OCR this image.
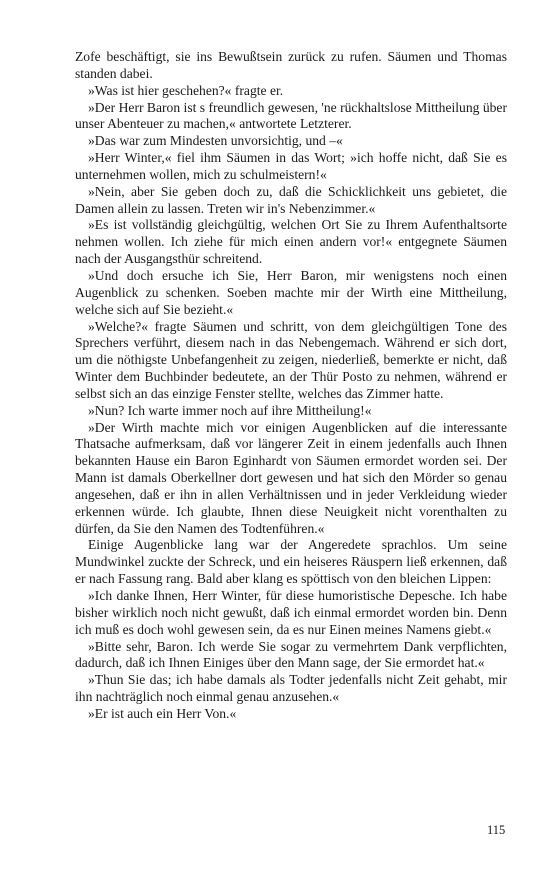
Zofe beschäftigt, sie ins Bewußtsein zurück zu rufen. Säumen und Thomas standen dabei.

»Was ist hier geschehen?« fragte er.

»Der Herr Baron ist s freundlich gewesen, 'ne rückhaltslose Mittheilung über unser Abenteuer zu machen,« antwortete Letzterer.

»Das war zum Mindesten unvorsichtig, und –«

»Herr Winter,« fiel ihm Säumen in das Wort; »ich hoffe nicht, daß Sie es unternehmen wollen, mich zu schulmeistern!«

»Nein, aber Sie geben doch zu, daß die Schicklichkeit uns gebietet, die Damen allein zu lassen. Treten wir in's Nebenzimmer.«

»Es ist vollständig gleichgültig, welchen Ort Sie zu Ihrem Aufenthaltsorte nehmen wollen. Ich ziehe für mich einen andern vor!« entgegnete Säumen nach der Ausgangsthür schreitend.

»Und doch ersuche ich Sie, Herr Baron, mir wenigstens noch einen Augenblick zu schenken. Soeben machte mir der Wirth eine Mittheilung, welche sich auf Sie bezieht.«

»Welche?« fragte Säumen und schritt, von dem gleichgültigen Tone des Sprechers verführt, diesem nach in das Nebengemach. Während er sich dort, um die nöthigste Unbefangenheit zu zeigen, niederließ, bemerkte er nicht, daß Winter dem Buchbinder bedeutete, an der Thür Posto zu nehmen, während er selbst sich an das einzige Fenster stellte, welches das Zimmer hatte.

»Nun? Ich warte immer noch auf ihre Mittheilung!«

»Der Wirth machte mich vor einigen Augenblicken auf die interessante Thatsache aufmerksam, daß vor längerer Zeit in einem jedenfalls auch Ihnen bekannten Hause ein Baron Eginhardt von Säumen ermordet worden sei. Der Mann ist damals Oberkellner dort gewesen und hat sich den Mörder so genau angesehen, daß er ihn in allen Verhältnissen und in jeder Verkleidung wieder erkennen würde. Ich glaubte, Ihnen diese Neuigkeit nicht vorenthalten zu dürfen, da Sie den Namen des Todtenführen.«

Einige Augenblicke lang war der Angeredete sprachlos. Um seine Mundwinkel zuckte der Schreck, und ein heiseres Räuspern ließ erkennen, daß er nach Fassung rang. Bald aber klang es spöttisch von den bleichen Lippen:

»Ich danke Ihnen, Herr Winter, für diese humoristische Depesche. Ich habe bisher wirklich noch nicht gewußt, daß ich einmal ermordet worden bin. Denn ich muß es doch wohl gewesen sein, da es nur Einen meines Namens giebt.«

»Bitte sehr, Baron. Ich werde Sie sogar zu vermehrtem Dank verpflichten, dadurch, daß ich Ihnen Einiges über den Mann sage, der Sie ermordet hat.«

»Thun Sie das; ich habe damals als Todter jedenfalls nicht Zeit gehabt, mir ihn nachträglich noch einmal genau anzusehen.«

»Er ist auch ein Herr Von.«

115
